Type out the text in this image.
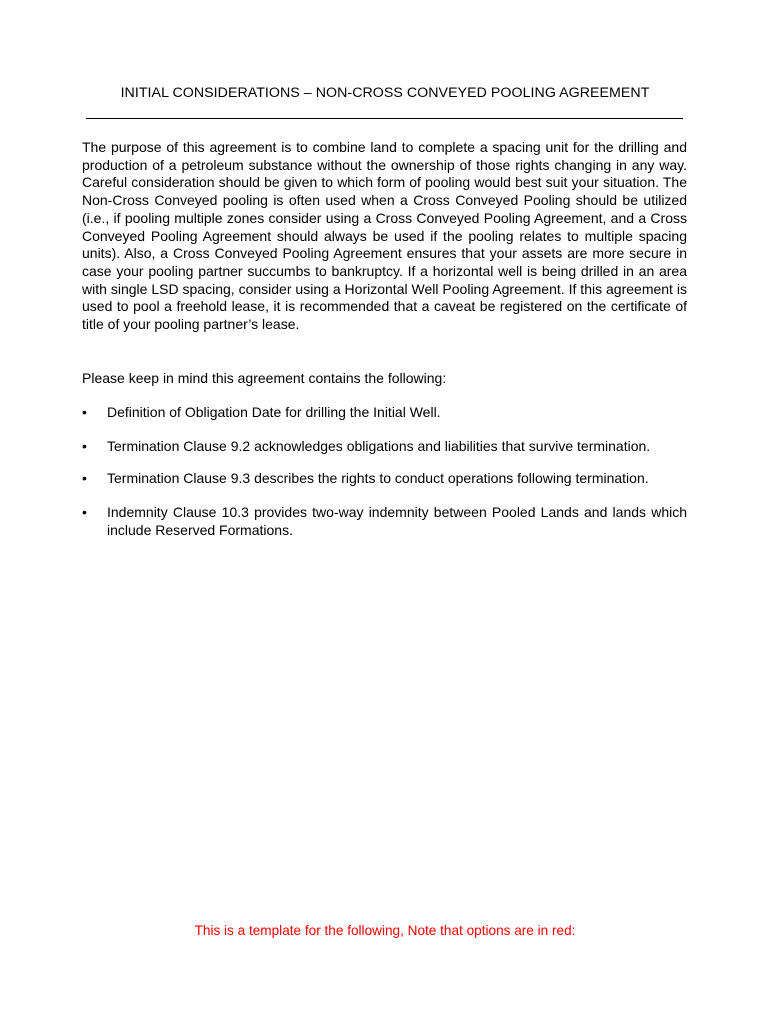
INITIAL CONSIDERATIONS – NON-CROSS CONVEYED POOLING AGREEMENT

The purpose of this agreement is to combine land to complete a spacing unit for the drilling and production of a petroleum substance without the ownership of those rights changing in any way. Careful consideration should be given to which form of pooling would best suit your situation. The Non-Cross Conveyed pooling is often used when a Cross Conveyed Pooling should be utilized (i.e., if pooling multiple zones consider using a Cross Conveyed Pooling Agreement, and a Cross Conveyed Pooling Agreement should always be used if the pooling relates to multiple spacing units). Also, a Cross Conveyed Pooling Agreement ensures that your assets are more secure in case your pooling partner succumbs to bankruptcy. If a horizontal well is being drilled in an area with single LSD spacing, consider using a Horizontal Well Pooling Agreement. If this agreement is used to pool a freehold lease, it is recommended that a caveat be registered on the certificate of title of your pooling partner’s lease.

Please keep in mind this agreement contains the following:

•	Definition of Obligation Date for drilling the Initial Well.
•	Termination Clause 9.2 acknowledges obligations and liabilities that survive termination.
•	Termination Clause 9.3 describes the rights to conduct operations following termination.
•	Indemnity Clause 10.3 provides two-way indemnity between Pooled Lands and lands which include Reserved Formations.
This is a template for the following, Note that options are in red:
